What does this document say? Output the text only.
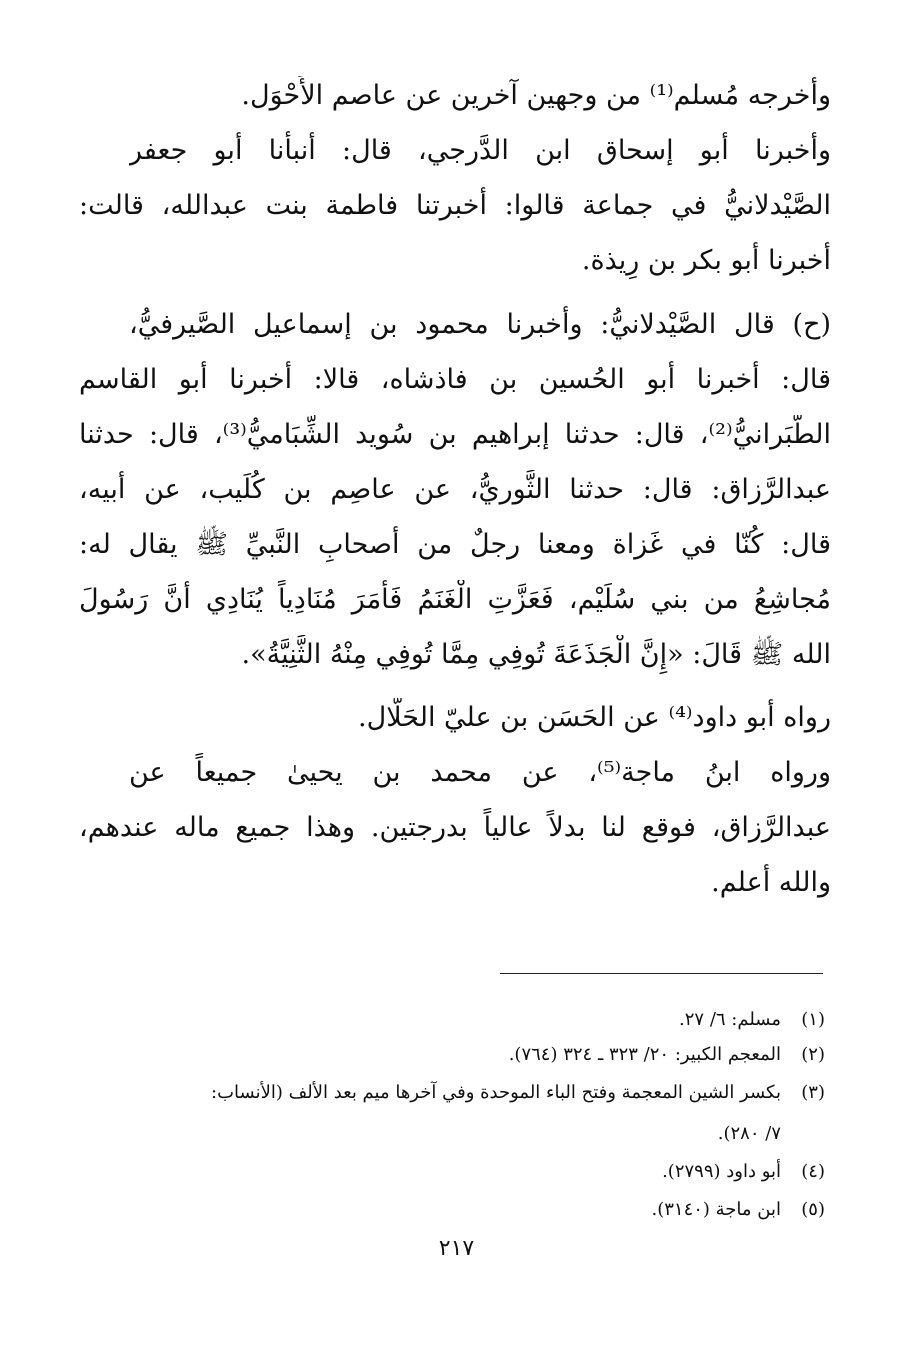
وأخرجه مُسلم⁽¹⁾ من وجهين آخرين عن عاصم الأَحْوَل.
وأخبرنا أبو إسحاق ابن الدَّرجي، قال: أنبأنا أبو جعفر
الصَّيْدلانيُّ في جماعة قالوا: أخبرتنا فاطمة بنت عبدالله، قالت:
أخبرنا أبو بكر بن رِيذة.
(ح) قال الصَّيْدلانيُّ: وأخبرنا محمود بن إسماعيل الصَّيرفيُّ،
قال: أخبرنا أبو الحُسين بن فاذشاه، قالا: أخبرنا أبو القاسم
الطَّبَرانيُّ⁽²⁾، قال: حدثنا إبراهيم بن سُويد الشِّبَاميُّ⁽³⁾، قال: حدثنا
عبدالرَّزاق: قال: حدثنا الثَّوريُّ، عن عاصِم بن كُلَيب، عن أبيه،
قال: كُنّا في غَزاة ومعنا رجلٌ من أصحابِ النَّبيِّ ﷺ يقال له:
مُجاشِعُ من بني سُلَيْم، فَعَزَّتِ الْغَنَمُ فَأَمَرَ مُنَادِياً يُنَادِي أَنَّ رَسُولَ
الله ﷺ قَالَ: «إِنَّ الْجَذَعَةَ تُوفِي مِمَّا تُوفِي مِنْهُ الثَّنِيَّةُ».
رواه أبو داود⁽⁴⁾ عن الحَسَن بن عليّ الحَلَّال.
ورواه ابنُ ماجة⁽⁵⁾، عن محمد بن يحيىٰ جميعاً عن
عبدالرَّزاق، فوقع لنا بدلاً عالياً بدرجتين. وهذا جميع ماله عندهم،
والله أعلم.
(١)مسلم: ٦/ ٢٧.
(٢)المعجم الكبير: ٢٠/ ٣٢٣ ـ ٣٢٤ (٧٦٤).
(٣)بكسر الشين المعجمة وفتح الباء الموحدة وفي آخرها ميم بعد الألف (الأنساب:
٧/ ٢٨٠).
(٤)أبو داود (٢٧٩٩).
(٥)ابن ماجة (٣١٤٠).
٢١٧
